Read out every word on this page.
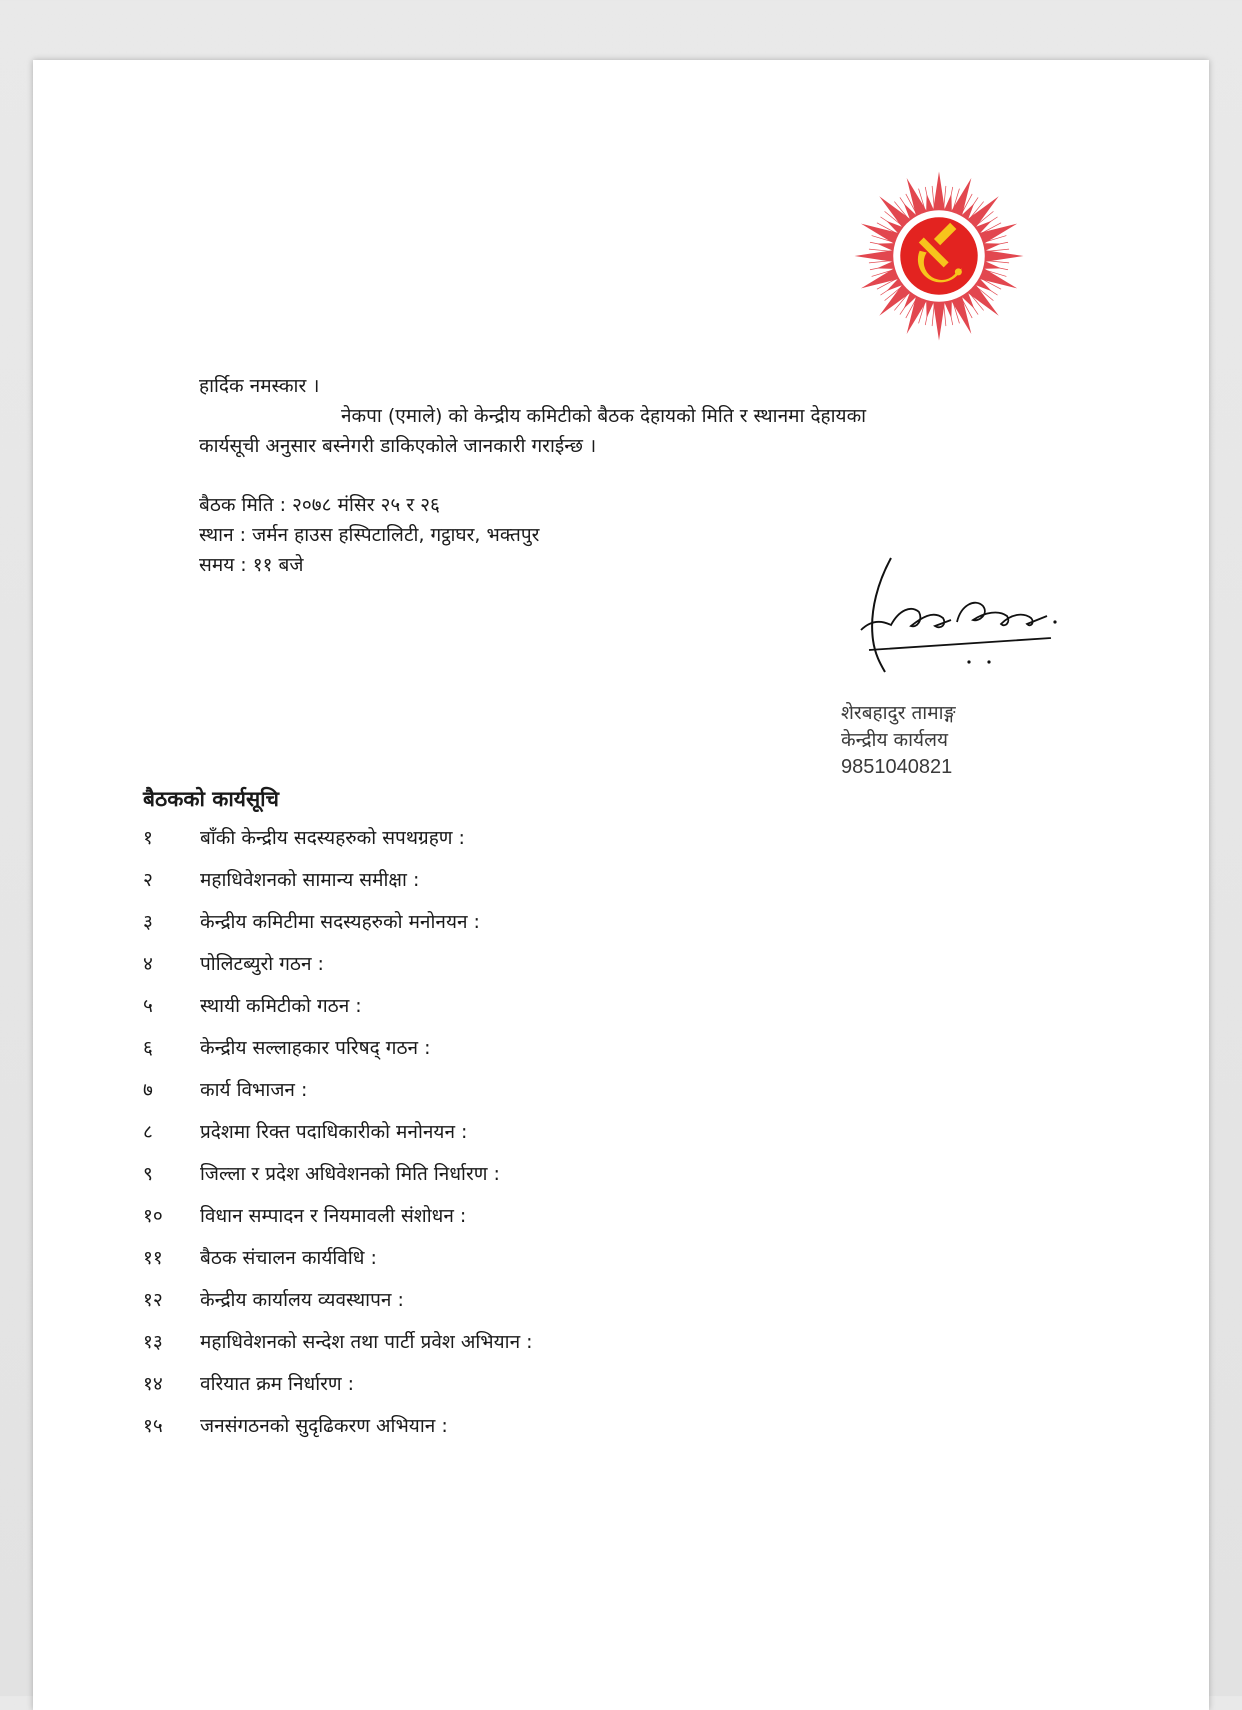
हार्दिक नमस्कार ।
नेकपा (एमाले) को केन्द्रीय कमिटीको बैठक देहायको मिति र स्थानमा देहायका
कार्यसूची अनुसार बस्नेगरी डाकिएकोले जानकारी गराईन्छ ।
बैठक मिति : २०७८ मंसिर २५ र २६
स्थान : जर्मन हाउस हस्पिटालिटी, गट्ठाघर, भक्तपुर
समय : ११ बजे
शेरबहादुर तामाङ्ग
केन्द्रीय कार्यलय
9851040821
बैठकको कार्यसूचि
१	बाँकी केन्द्रीय सदस्यहरुको सपथग्रहण :
२	महाधिवेशनको सामान्य समीक्षा :
३	केन्द्रीय कमिटीमा सदस्यहरुको मनोनयन :
४	पोलिटब्युरो गठन :
५	स्थायी कमिटीको गठन :
६	केन्द्रीय सल्लाहकार परिषद् गठन :
७	कार्य विभाजन :
८	प्रदेशमा रिक्त पदाधिकारीको मनोनयन :
९	जिल्ला र प्रदेश अधिवेशनको मिति निर्धारण :
१०	विधान सम्पादन र नियमावली संशोधन :
११	बैठक संचालन कार्यविधि :
१२	केन्द्रीय कार्यालय व्यवस्थापन :
१३	महाधिवेशनको सन्देश तथा पार्टी प्रवेश अभियान :
१४	वरियात क्रम निर्धारण :
१५	जनसंगठनको सुदृढिकरण अभियान :
